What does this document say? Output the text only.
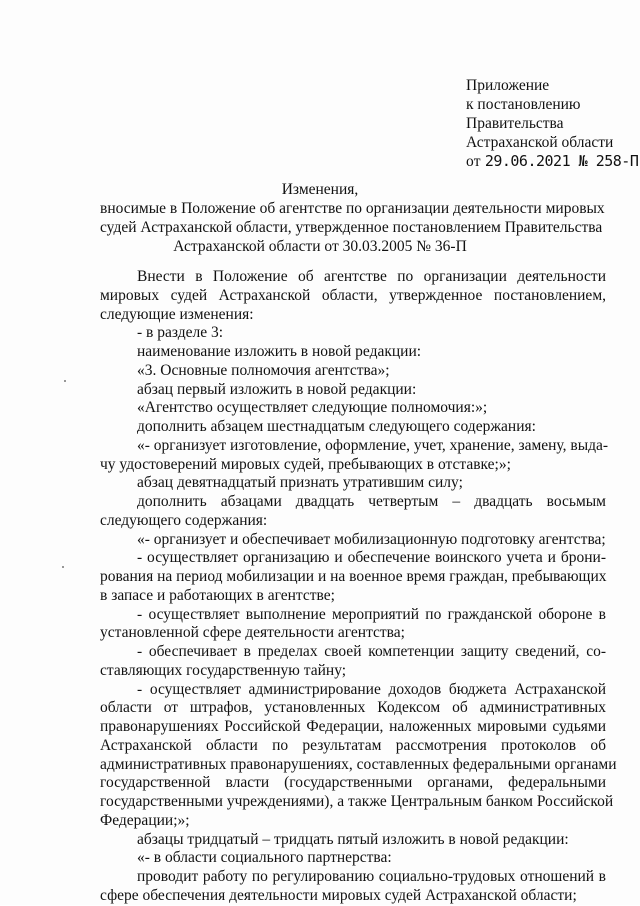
Приложение
к постановлению
Правительства
Астраханской области
от 29.06.2021 № 258-П
Изменения,
вносимые в Положение об агентстве по организации деятельности мировых
судей Астраханской области, утвержденное постановлением Правительства
Астраханской области от 30.03.2005 № 36-П
Внести в Положение об агентстве по организации деятельности
мировых судей Астраханской области, утвержденное постановлением,
следующие изменения:
- в разделе 3:
наименование изложить в новой редакции:
«3. Основные полномочия агентства»;
абзац первый изложить в новой редакции:
«Агентство осуществляет следующие полномочия:»;
дополнить абзацем шестнадцатым следующего содержания:
«- организует изготовление, оформление, учет, хранение, замену, выда-
чу удостоверений мировых судей, пребывающих в отставке;»;
абзац девятнадцатый признать утратившим силу;
дополнить абзацами двадцать четвертым – двадцать восьмым
следующего содержания:
«- организует и обеспечивает мобилизационную подготовку агентства;
- осуществляет организацию и обеспечение воинского учета и брони-
рования на период мобилизации и на военное время граждан, пребывающих
в запасе и работающих в агентстве;
- осуществляет выполнение мероприятий по гражданской обороне в
установленной сфере деятельности агентства;
- обеспечивает в пределах своей компетенции защиту сведений, со-
ставляющих государственную тайну;
- осуществляет администрирование доходов бюджета Астраханской
области от штрафов, установленных Кодексом об административных
правонарушениях Российской Федерации, наложенных мировыми судьями
Астраханской области по результатам рассмотрения протоколов об
административных правонарушениях, составленных федеральными органами
государственной власти (государственными органами, федеральными
государственными учреждениями), а также Центральным банком Российской
Федерации;»;
абзацы тридцатый – тридцать пятый изложить в новой редакции:
«- в области социального партнерства:
проводит работу по регулированию социально-трудовых отношений в
сфере обеспечения деятельности мировых судей Астраханской области;
